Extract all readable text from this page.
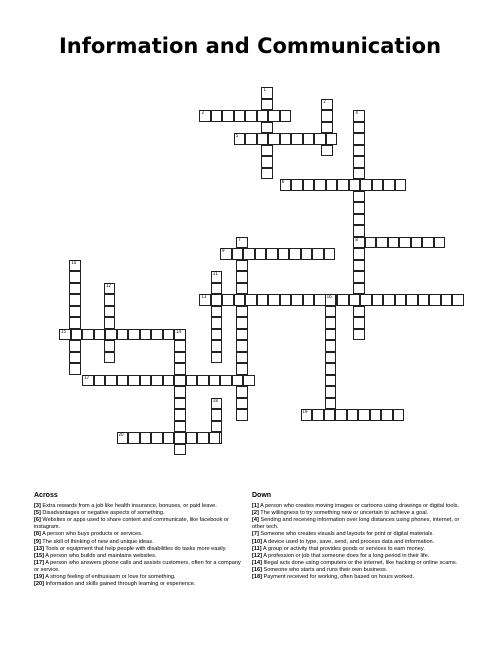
Information and Communication
1
2
3	4
8
5
6
7
9
10
11
12
13
14
15
16
17
18
19
20
Across

[3] Extra rewards from a job like health insurance, bonuses, or paid leave.

[5] Disadvantages or negative aspects of something.

[6] Websites or apps used to share content and communicate, like facebook or instagram.

[8] A person who buys products or services.

[9] The skill of thinking of new and unique ideas.

[13] Tools or equipment that help people with disabilities do tasks more easily.

[15] A person who builds and maintains websites.

[17] A person who answers phone calls and assists customers, often for a company or service.

[19] A strong feeling of enthusiasm or love for something.

[20] Information and skills gained through learning or experience.

Down

[1] A person who creates moving images or cartoons using drawings or digital tools.

[2] The willingness to try something new or uncertain to achieve a goal.

[4] Sending and receiving information over long distances using phones, internet, or other tech.

[7] Someone who creates visuals and layouts for print or digital materials.

[10] A device used to type, save, send, and process data and information.

[11] A group or activity that provides goods or services to earn money.

[12] A profession or job that someone does for a long period in their life.

[14] Illegal acts done using computers or the internet, like hacking or online scams.

[16] Someone who starts and runs their own business.

[18] Payment received for working, often based on hours worked.
